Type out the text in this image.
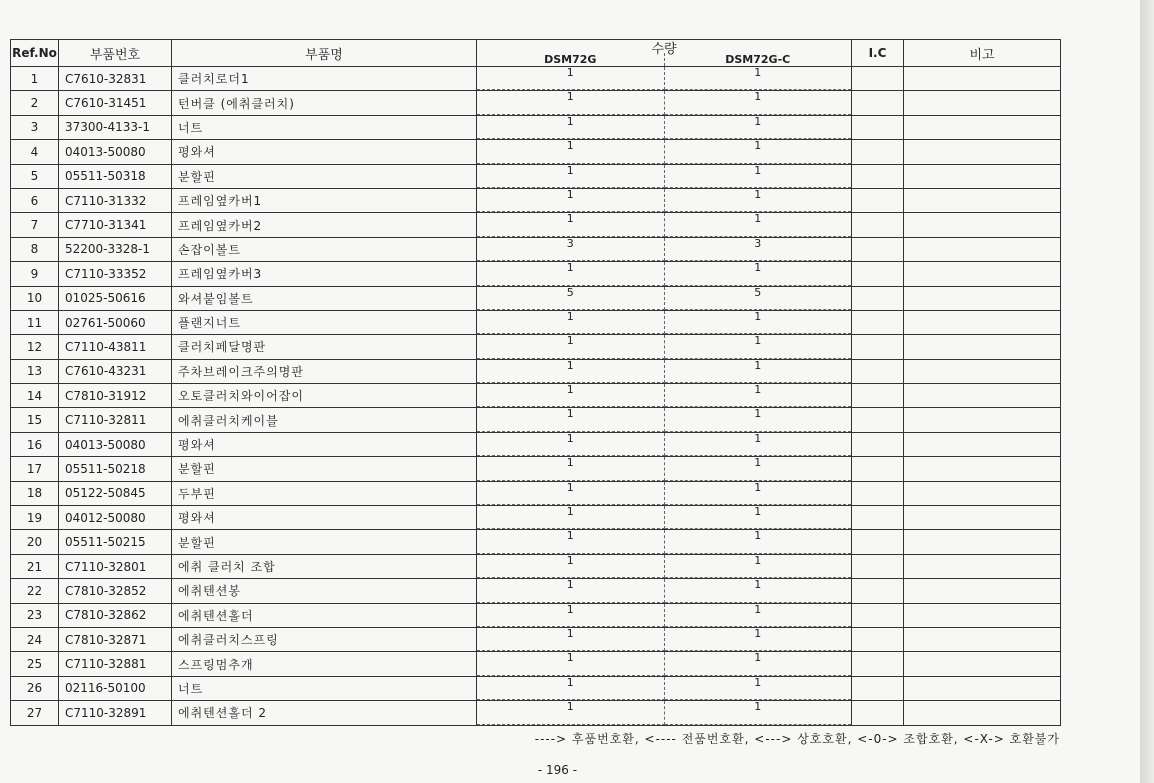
Ref.No	부품번호	부품명	수량
DSM72G DSM72G-C	I.C	비고
1	C7610-32831	클러치로더1	1 1		

2	C7610-31451	턴버클 (에취클러치)	1 1		

3	37300-4133-1	너트	1 1		

4	04013-50080	평와셔	1 1		

5	05511-50318	분할핀	1 1		

6	C7110-31332	프레임옆카버1	1 1		

7	C7710-31341	프레임옆카버2	1 1		

8	52200-3328-1	손잡이볼트	3 3		

9	C7110-33352	프레임옆카버3	1 1		

10	01025-50616	와셔붙임볼트	5 5		

11	02761-50060	플랜지너트	1 1		

12	C7110-43811	클러치페달명판	1 1		

13	C7610-43231	주차브레이크주의명판	1 1		

14	C7810-31912	오토클러치와이어잡이	1 1		

15	C7110-32811	에취클러치케이블	1 1		

16	04013-50080	평와셔	1 1		

17	05511-50218	분할핀	1 1		

18	05122-50845	두부핀	1 1		

19	04012-50080	평와셔	1 1		

20	05511-50215	분할핀	1 1		

21	C7110-32801	에취 클러치 조합	1 1		

22	C7810-32852	에취텐션봉	1 1		

23	C7810-32862	에취텐션홀더	1 1		

24	C7810-32871	에취클러치스프링	1 1		

25	C7110-32881	스프링멈추개	1 1		

26	02116-50100	너트	1 1		

27	C7110-32891	에취텐션홀더 2	1 1		

----> 후품번호환, <---- 전품번호환, <---> 상호호환, <-0-> 조합호환, <-X-> 호환불가
- 196 -
